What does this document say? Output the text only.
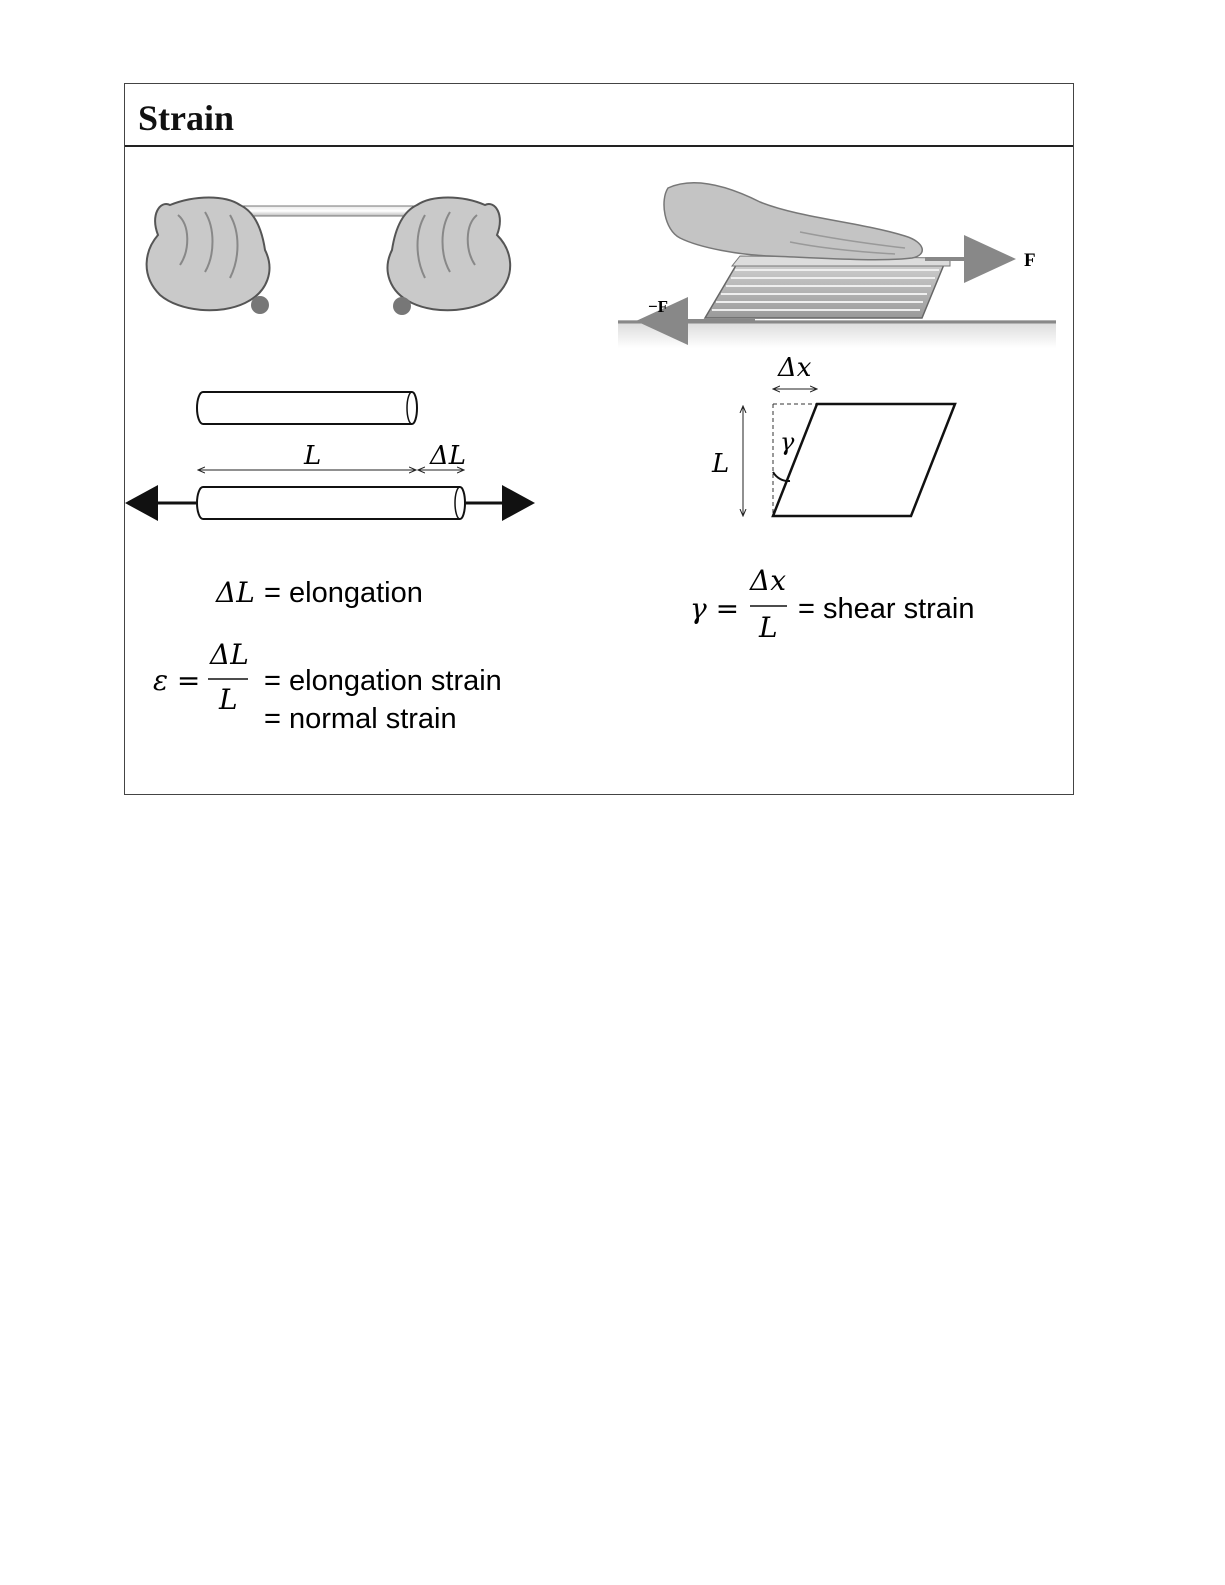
Strain
L	ΔL
ΔL = elongation
ε =
ΔL
L
= elongation strain
= normal strain
F
−F
Δx
L
γ
γ =
Δx
L
= shear strain
